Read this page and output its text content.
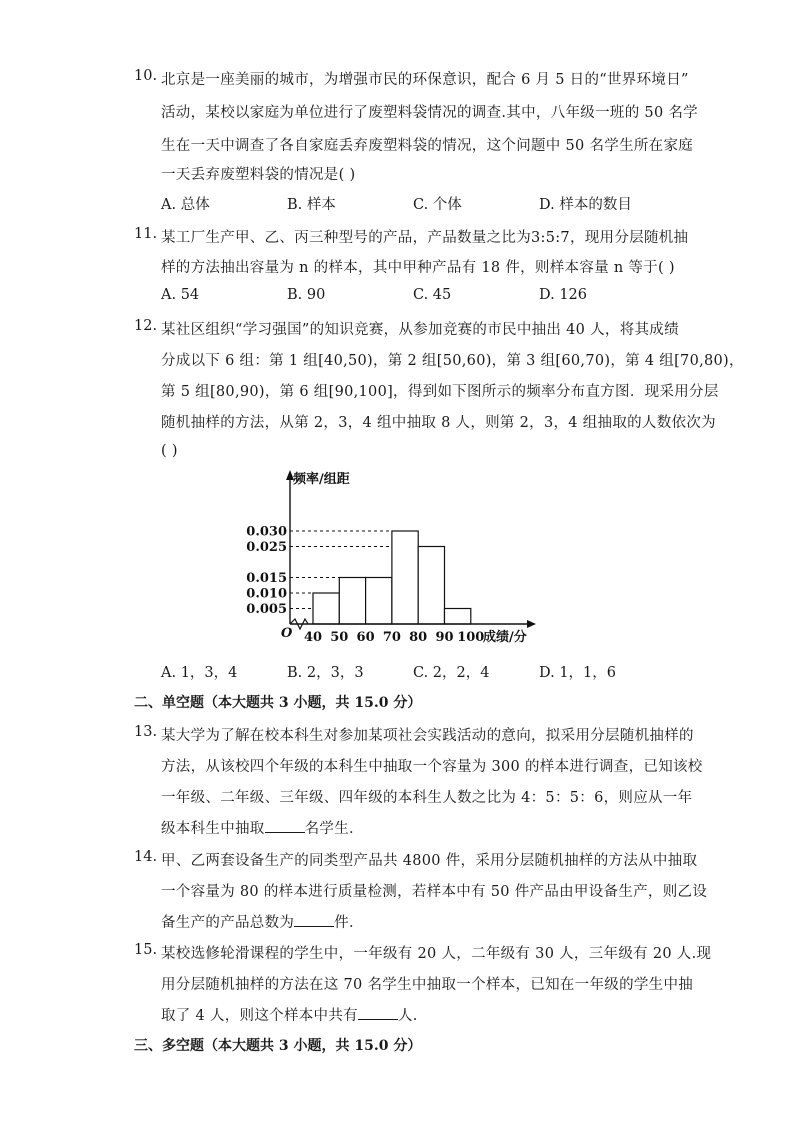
10. 北京是一座美丽的城市，为增强市民的环保意识，配合 6 月 5 日的“世界环境日”
活动，某校以家庭为单位进行了废塑料袋情况的调查.其中，八年级一班的 50 名学
生在一天中调查了各自家庭丢弃废塑料袋的情况，这个问题中 50 名学生所在家庭
一天丢弃废塑料袋的情况是( )
A. 总体	B. 样本	C. 个体	D. 样本的数目
11. 某工厂生产甲、乙、丙三种型号的产品，产品数量之比为3:5:7，现用分层随机抽
样的方法抽出容量为 n 的样本，其中甲种产品有 18 件，则样本容量 n 等于( )
A. 54	B. 90	C. 45	D. 126
12. 某社区组织“学习强国”的知识竞赛，从参加竞赛的市民中抽出 40 人，将其成绩
分成以下 6 组：第 1 组[40,50)，第 2 组[50,60)，第 3 组[60,70)，第 4 组[70,80)，
第 5 组[80,90)，第 6 组[90,100]，得到如下图所示的频率分布直方图．现采用分层
随机抽样的方法，从第 2，3，4 组中抽取 8 人，则第 2，3，4 组抽取的人数依次为
( )
0.005
0.010
0.015
0.025
0.030
40 50 60 70 80 90 100
频率/组距
O	成绩/分
A. 1，3，4	B. 2，3，3	C. 2，2，4	D. 1，1，6
二、单空题（本大题共 3 小题，共 15.0 分）
13. 某大学为了解在校本科生对参加某项社会实践活动的意向，拟采用分层随机抽样的
方法，从该校四个年级的本科生中抽取一个容量为 300 的样本进行调查，已知该校
一年级、二年级、三年级、四年级的本科生人数之比为 4：5：5：6，则应从一年
级本科生中抽取	名学生．
14. 甲、乙两套设备生产的同类型产品共 4800 件，采用分层随机抽样的方法从中抽取
一个容量为 80 的样本进行质量检测，若样本中有 50 件产品由甲设备生产，则乙设
备生产的产品总数为	件．
15. 某校选修轮滑课程的学生中，一年级有 20 人，二年级有 30 人，三年级有 20 人.现
用分层随机抽样的方法在这 70 名学生中抽取一个样本，已知在一年级的学生中抽
取了 4 人，则这个样本中共有	人.
三、多空题（本大题共 3 小题，共 15.0 分）
